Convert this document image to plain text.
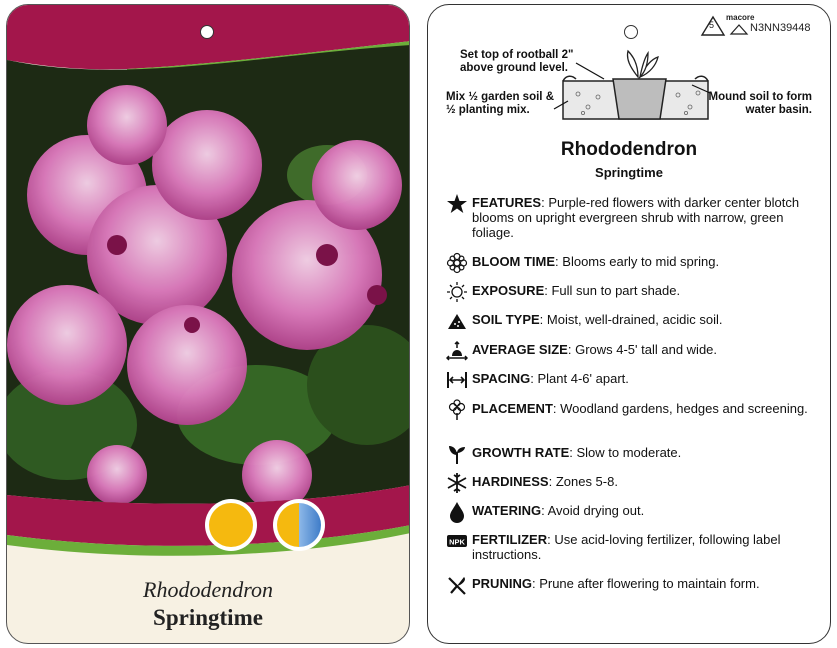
Rhododendron
Springtime
5
macore
N3NN39448
Set top of rootball 2" above ground level.
Mix ½ garden soil & ½ planting mix.
Mound soil to form water basin.
Rhododendron
Springtime
FEATURES: Purple-red flowers with darker center blotch blooms on upright evergreen shrub with narrow, green foliage.
BLOOM TIME: Blooms early to mid spring.
EXPOSURE: Full sun to part shade.
SOIL TYPE: Moist, well-drained, acidic soil.
AVERAGE SIZE: Grows 4-5' tall and wide.
SPACING: Plant 4-6' apart.
PLACEMENT: Woodland gardens, hedges and screening.
GROWTH RATE: Slow to moderate.
HARDINESS: Zones 5-8.
WATERING: Avoid drying out.
NPK FERTILIZER: Use acid-loving fertilizer, following label instructions.
PRUNING: Prune after flowering to maintain form.
